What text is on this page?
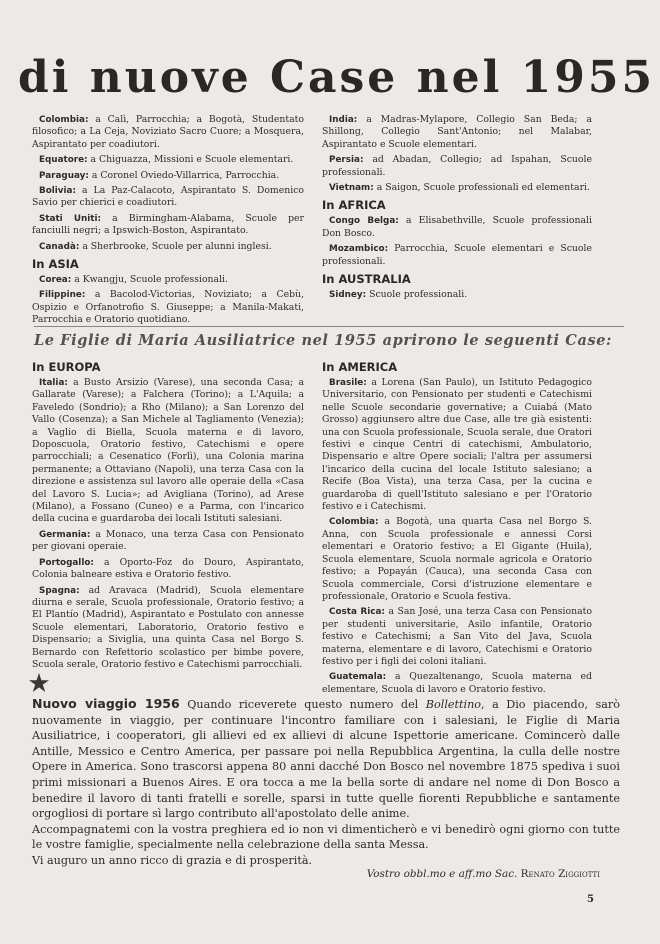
di nuove Case nel 1955

Colombia: a Calì, Parrocchia; a Bogotà, Studentato filosofico; a La Ceja, Noviziato Sacro Cuore; a Mosquera, Aspirantato per coadiutori.

Equatore: a Chiguazza, Missioni e Scuole elementari.

Paraguay: a Coronel Oviedo-Villarrica, Parrocchia.

Bolivia: a La Paz-Calacoto, Aspirantato S. Domenico Savio per chierici e coadiutori.

Stati Uniti: a Birmingham-Alabama, Scuole per fanciulli negri; a Ipswich-Boston, Aspirantato.

Canadà: a Sherbrooke, Scuole per alunni inglesi.

In ASIA

Corea: a Kwangju, Scuole professionali.

Filippine: a Bacolod-Victorias, Noviziato; a Cebù, Ospizio e Orfanotrofio S. Giuseppe; a Manila-Makati, Parrocchia e Oratorio quotidiano.

India: a Madras-Mylapore, Collegio San Beda; a Shillong, Collegio Sant'Antonio; nel Malabar, Aspirantato e Scuole elementari.

Persia: ad Abadan, Collegio; ad Ispahan, Scuole professionali.

Vietnam: a Saigon, Scuole professionali ed elementari.

In AFRICA

Congo Belga: a Elisabethville, Scuole professionali Don Bosco.

Mozambico: Parrocchia, Scuole elementari e Scuole professionali.

In AUSTRALIA

Sidney: Scuole professionali.

Le Figlie di Maria Ausiliatrice nel 1955 aprirono le seguenti Case:
In EUROPA

Italia: a Busto Arsizio (Varese), una seconda Casa; a Gallarate (Varese); a Falchera (Torino); a L'Aquila; a Faveledo (Sondrio); a Rho (Milano); a San Lorenzo del Vallo (Cosenza); a San Michele al Tagliamento (Venezia); a Vaglio di Biella, Scuola materna e di lavoro, Doposcuola, Oratorio festivo, Catechismi e opere parrocchiali; a Cesenatico (Forlì), una Colonia marina permanente; a Ottaviano (Napoli), una terza Casa con la direzione e assistenza sul lavoro alle operaie della «Casa del Lavoro S. Lucia»; ad Avigliana (Torino), ad Arese (Milano), a Fossano (Cuneo) e a Parma, con l'incarico della cucina e guardaroba dei locali Istituti salesiani.

Germania: a Monaco, una terza Casa con Pensionato per giovani operaie.

Portogallo: a Oporto-Foz do Douro, Aspirantato, Colonia balneare estiva e Oratorio festivo.

Spagna: ad Aravaca (Madrid), Scuola elementare diurna e serale, Scuola professionale, Oratorio festivo; a El Plantío (Madrid), Aspirantato e Postulato con annesse Scuole elementari, Laboratorio, Oratorio festivo e Dispensario; a Siviglia, una quinta Casa nel Borgo S. Bernardo con Refettorio scolastico per bimbe povere, Scuola serale, Oratorio festivo e Catechismi parrocchiali.

In AMERICA

Brasile: a Lorena (San Paulo), un Istituto Pedagogico Universitario, con Pensionato per studenti e Catechismi nelle Scuole secondarie governative; a Cuiabá (Mato Grosso) aggiunsero altre due Case, alle tre già esistenti: una con Scuola professionale, Scuola serale, due Oratori festivi e cinque Centri di catechismi, Ambulatorio, Dispensario e altre Opere sociali; l'altra per assumersi l'incarico della cucina del locale Istituto salesiano; a Recife (Boa Vista), una terza Casa, per la cucina e guardaroba di quell'Istituto salesiano e per l'Oratorio festivo e i Catechismi.

Colombia: a Bogotà, una quarta Casa nel Borgo S. Anna, con Scuola professionale e annessi Corsi elementari e Oratorio festivo; a El Gigante (Huila), Scuola elementare, Scuola normale agricola e Oratorio festivo; a Popayán (Cauca), una seconda Casa con Scuola commerciale, Corsi d'istruzione elementare e professionale, Oratorio e Scuola festiva.

Costa Rica: a San José, una terza Casa con Pensionato per studenti universitarie, Asilo infantile, Oratorio festivo e Catechismi; a San Vito del Java, Scuola materna, elementare e di lavoro, Catechismi e Oratorio festivo per i figli dei coloni italiani.

Guatemala: a Quezaltenango, Scuola materna ed elementare, Scuola di lavoro e Oratorio festivo.

Nuovo viaggio 1956 Quando riceverete questo numero del Bollettino, a Dio piacendo, sarò nuovamente in viaggio, per continuare l'incontro familiare con i salesiani, le Figlie di Maria Ausiliatrice, i cooperatori, gli allievi ed ex allievi di alcune Ispettorie americane. Comincerò dalle Antille, Messico e Centro America, per passare poi nella Repubblica Argentina, la culla delle nostre Opere in America. Sono trascorsi appena 80 anni dacché Don Bosco nel novembre 1875 spediva i suoi primi missionari a Buenos Aires. E ora tocca a me la bella sorte di andare nel nome di Don Bosco a benedire il lavoro di tanti fratelli e sorelle, sparsi in tutte quelle fiorenti Repubbliche e santamente orgogliosi di portare sì largo contributo all'apostolato delle anime.
Accompagnatemi con la vostra preghiera ed io non vi dimenticherò e vi benedirò ogni giorno con tutte le vostre famiglie, specialmente nella celebrazione della santa Messa.
Vi auguro un anno ricco di grazia e di prosperità.
Vostro obbl.mo e aff.mo Sac. Renato Ziggiotti
5
